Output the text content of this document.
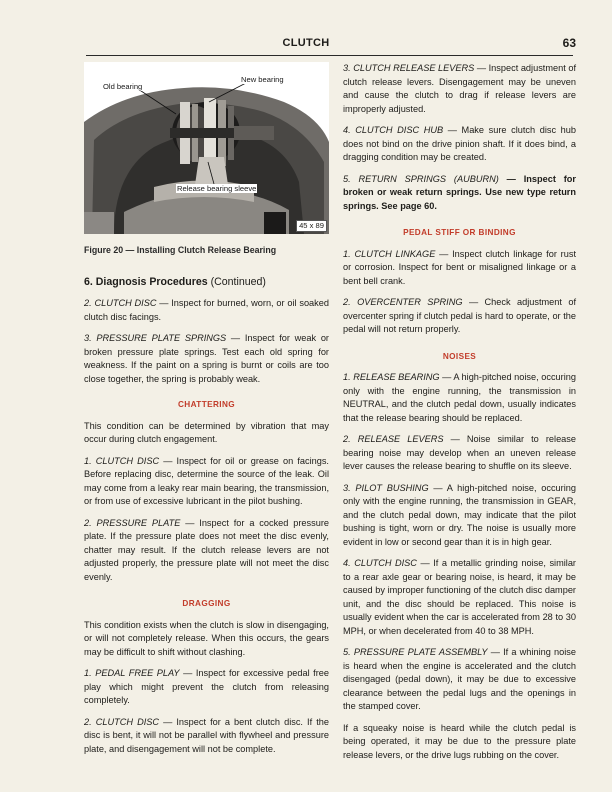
CLUTCH	63
Old bearing
New bearing
Release bearing sleeve
45 x 89
Figure 20 — Installing Clutch Release Bearing
6. Diagnosis Procedures (Continued)

2. CLUTCH DISC — Inspect for burned, worn, or oil soaked clutch disc facings.

3. PRESSURE PLATE SPRINGS — Inspect for weak or broken pressure plate springs. Test each old spring for weakness. If the paint on a spring is burnt or coils are too close together, the spring is probably weak.

CHATTERING

This condition can be determined by vibration that may occur during clutch engagement.

1. CLUTCH DISC — Inspect for oil or grease on facings. Before replacing disc, determine the source of the leak. Oil may come from a leaky rear main bearing, the transmission, or from use of excessive lubricant in the pilot bushing.

2. PRESSURE PLATE — Inspect for a cocked pressure plate. If the pressure plate does not meet the disc evenly, chatter may result. If the clutch release levers are not adjusted properly, the pressure plate will not meet the disc evenly.

DRAGGING

This condition exists when the clutch is slow in disengaging, or will not completely release. When this occurs, the gears may be difficult to shift without clashing.

1. PEDAL FREE PLAY — Inspect for excessive pedal free play which might prevent the clutch from releasing completely.

2. CLUTCH DISC — Inspect for a bent clutch disc. If the disc is bent, it will not be parallel with flywheel and pressure plate, and disengagement will not be complete.

3. CLUTCH RELEASE LEVERS — Inspect adjustment of clutch release levers. Disengagement may be uneven and cause the clutch to drag if release levers are improperly adjusted.

4. CLUTCH DISC HUB — Make sure clutch disc hub does not bind on the drive pinion shaft. If it does bind, a dragging condition may be created.

5. RETURN SPRINGS (AUBURN) — Inspect for broken or weak return springs. Use new type return springs. See page 60.

PEDAL STIFF OR BINDING

1. CLUTCH LINKAGE — Inspect clutch linkage for rust or corrosion. Inspect for bent or misaligned linkage or a bent bell crank.

2. OVERCENTER SPRING — Check adjustment of overcenter spring if clutch pedal is hard to operate, or the pedal will not return properly.

NOISES

1. RELEASE BEARING — A high-pitched noise, occuring only with the engine running, the transmission in NEUTRAL, and the clutch pedal down, usually indicates that the release bearing should be replaced.

2. RELEASE LEVERS — Noise similar to release bearing noise may develop when an uneven release lever causes the release bearing to shuffle on its sleeve.

3. PILOT BUSHING — A high-pitched noise, occuring only with the engine running, the transmission in GEAR, and the clutch pedal down, may indicate that the pilot bushing is tight, worn or dry. The noise is usually more evident in low or second gear than it is in high gear.

4. CLUTCH DISC — If a metallic grinding noise, similar to a rear axle gear or bearing noise, is heard, it may be caused by improper functioning of the clutch disc damper unit, and the disc should be replaced. This noise is usually evident when the car is accelerated from 28 to 30 MPH, or when decelerated from 40 to 38 MPH.

5. PRESSURE PLATE ASSEMBLY — If a whining noise is heard when the engine is accelerated and the clutch disengaged (pedal down), it may be due to excessive clearance between the pedal lugs and the openings in the stamped cover.

If a squeaky noise is heard while the clutch pedal is being operated, it may be due to the pressure plate release levers, or the drive lugs rubbing on the cover.
